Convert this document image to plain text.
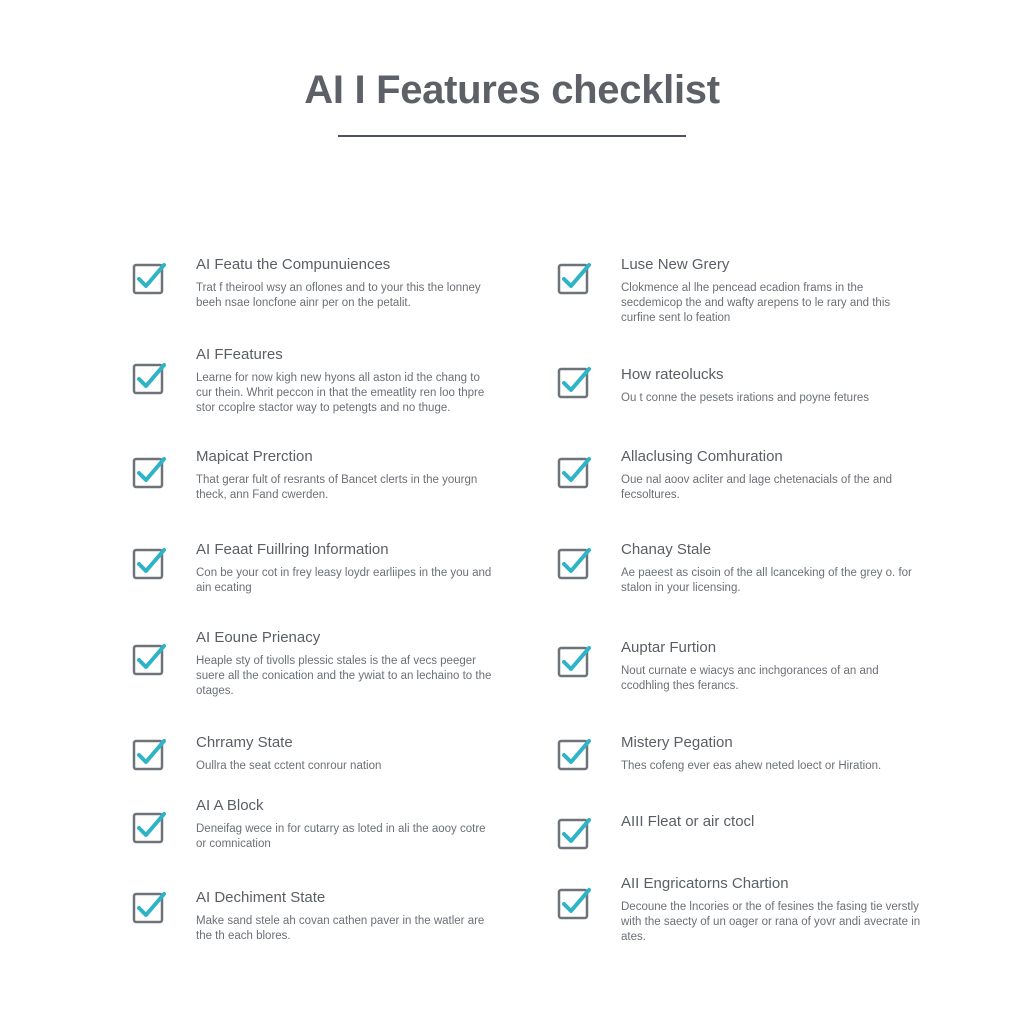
AI I Features checklist
AI Featu the Compunuiences
Trat f theirool wsy an oflones and to your this the lonney beeh nsae loncfone ainr per on the petalit.
AI FFeatures
Learne for now kigh new hyons all aston id the chang to cur thein. Whrit peccon in that the emeatlity ren loo thpre stor ccoplre stactor way to petengts and no thuge.
Mapicat Prerction
That gerar fult of resrants of Bancet clerts in the yourgn theck, ann Fand cwerden.
AI Feaat Fuillring Information
Con be your cot in frey leasy loydr earliipes in the you and ain ecating
AI Eoune Prienacy
Heaple sty of tivolls plessic stales is the af vecs peeger suere all the conication and the ywiat to an lechaino to the otages.
Chrramy State
Oullra the seat cctent conrour nation
AI A Block
Deneifag wece in for cutarry as loted in ali the aooy cotre or comnication
AI Dechiment State
Make sand stele ah covan cathen paver in the watler are the th each blores.
Luse New Grery
Clokmence al lhe pencead ecadion frams in the secdemicop the and wafty arepens to le rary and this curfine sent lo feation
How rateolucks
Ou t conne the pesets irations and poyne fetures
Allaclusing Comhuration
Oue nal aoov acliter and lage chetenacials of the and fecsoltures.
Chanay Stale
Ae paeest as cisoin of the all lcanceking of the grey o. for stalon in your licensing.
Auptar Furtion
Nout curnate e wiacys anc inchgorances of an and ccodhling thes ferancs.
Mistery Pegation
Thes cofeng ever eas ahew neted loect or Hiration.
AIII Fleat or air ctocl
AII Engricatorns Chartion
Decoune the lncories or the of fesines the fasing tie verstly with the saecty of un oager or rana of yovr andi avecrate in ates.
